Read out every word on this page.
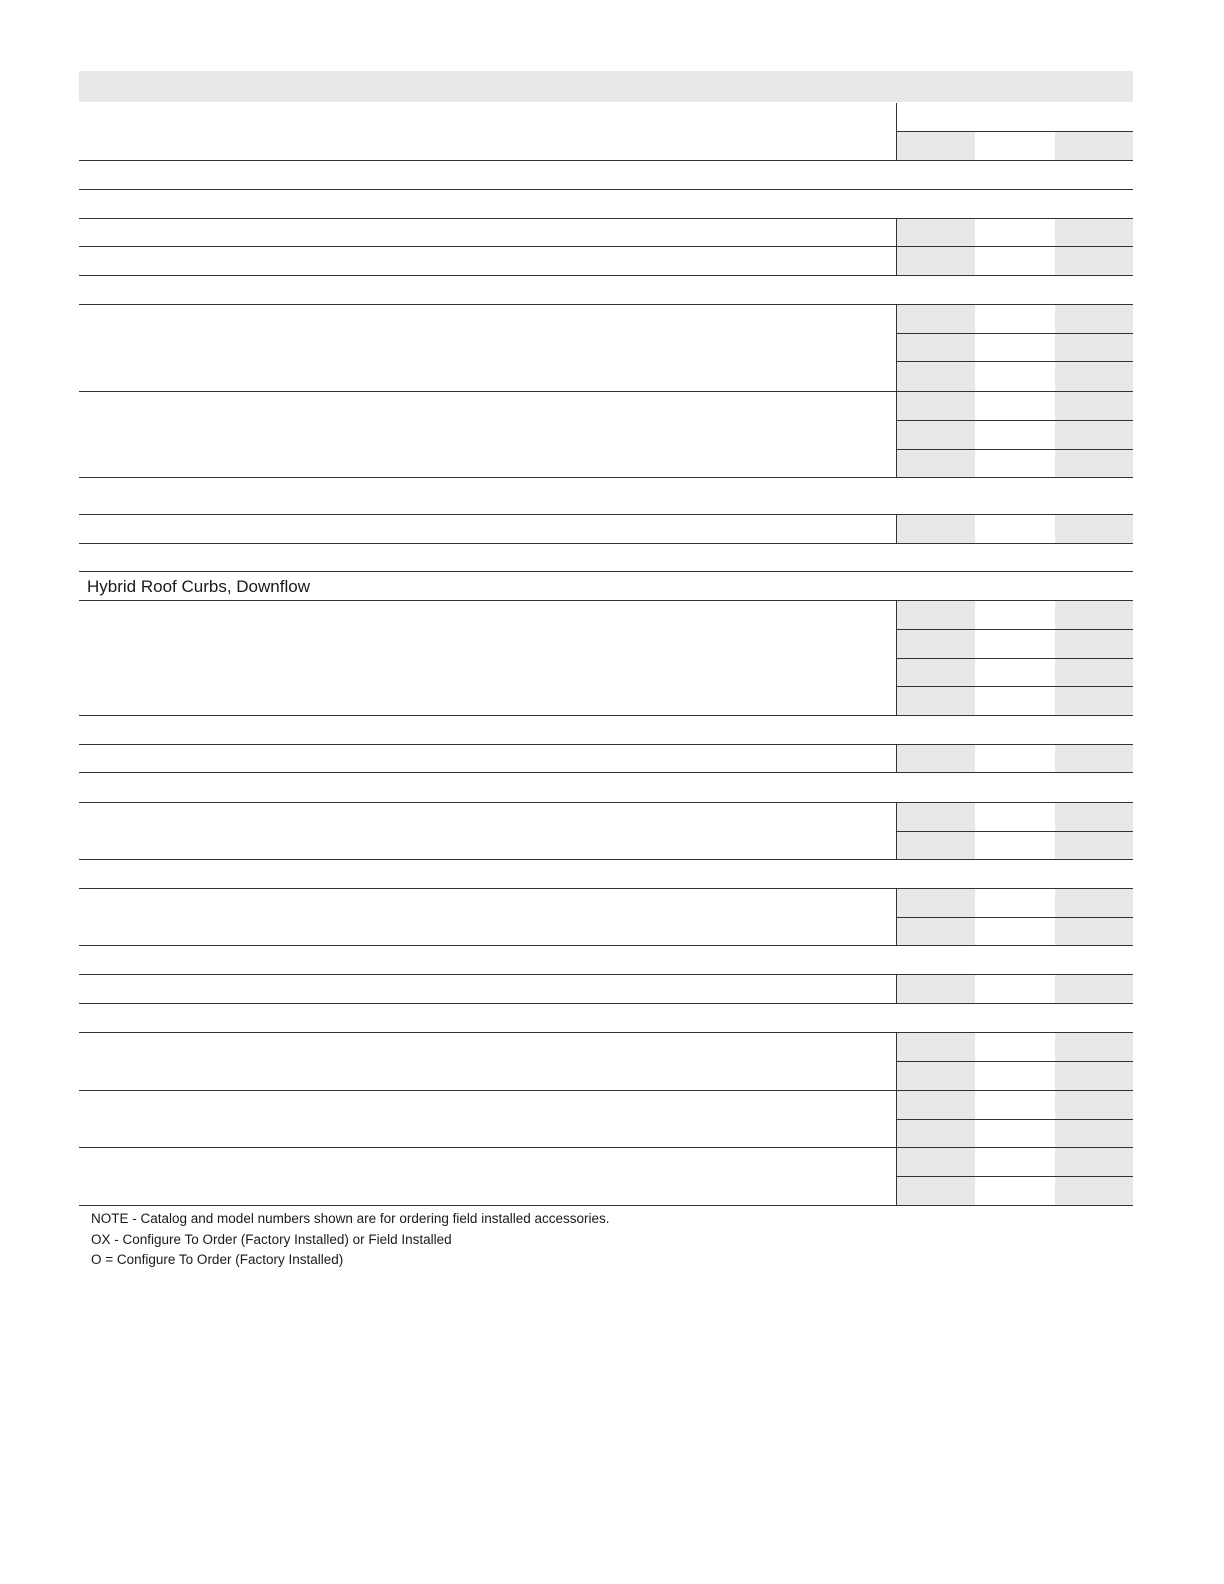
Hybrid Roof Curbs, Downflow
NOTE - Catalog and model numbers shown are for ordering field installed accessories.
OX - Configure To Order (Factory Installed) or Field Installed
O = Configure To Order (Factory Installed)
